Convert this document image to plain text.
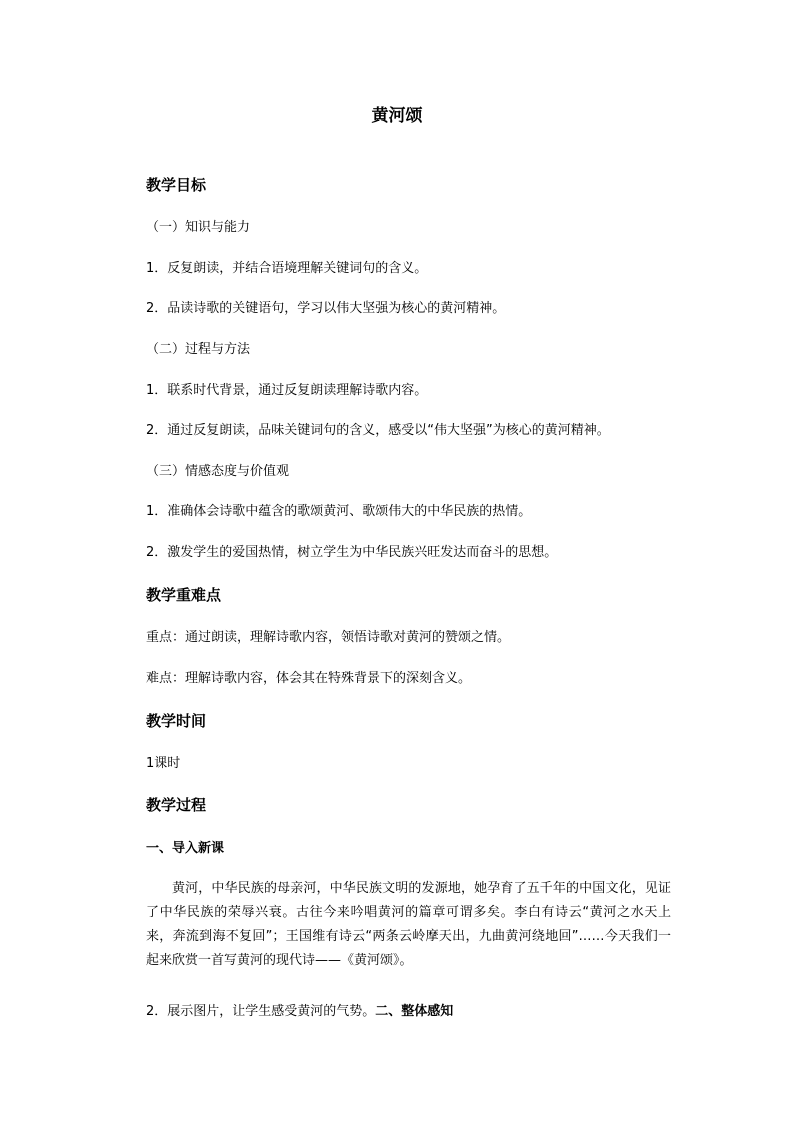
黄河颂
教学目标
（一）知识与能力
1．反复朗读，并结合语境理解关键词句的含义。
2．品读诗歌的关键语句，学习以伟大坚强为核心的黄河精神。
（二）过程与方法
1．联系时代背景，通过反复朗读理解诗歌内容。
2．通过反复朗读，品味关键词句的含义，感受以“伟大坚强”为核心的黄河精神。
（三）情感态度与价值观
1．准确体会诗歌中蕴含的歌颂黄河、歌颂伟大的中华民族的热情。
2．激发学生的爱国热情，树立学生为中华民族兴旺发达而奋斗的思想。
教学重难点
重点：通过朗读，理解诗歌内容，领悟诗歌对黄河的赞颂之情。
难点：理解诗歌内容，体会其在特殊背景下的深刻含义。
教学时间
1课时
教学过程
一、导入新课
黄河，中华民族的母亲河，中华民族文明的发源地，她孕育了五千年的中国文化，见证了中华民族的荣辱兴衰。古往今来吟唱黄河的篇章可谓多矣。李白有诗云“黄河之水天上来，奔流到海不复回”；王国维有诗云“两条云岭摩天出，九曲黄河绕地回”……今天我们一起来欣赏一首写黄河的现代诗——《黄河颂》。
2．展示图片，让学生感受黄河的气势。二、整体感知
